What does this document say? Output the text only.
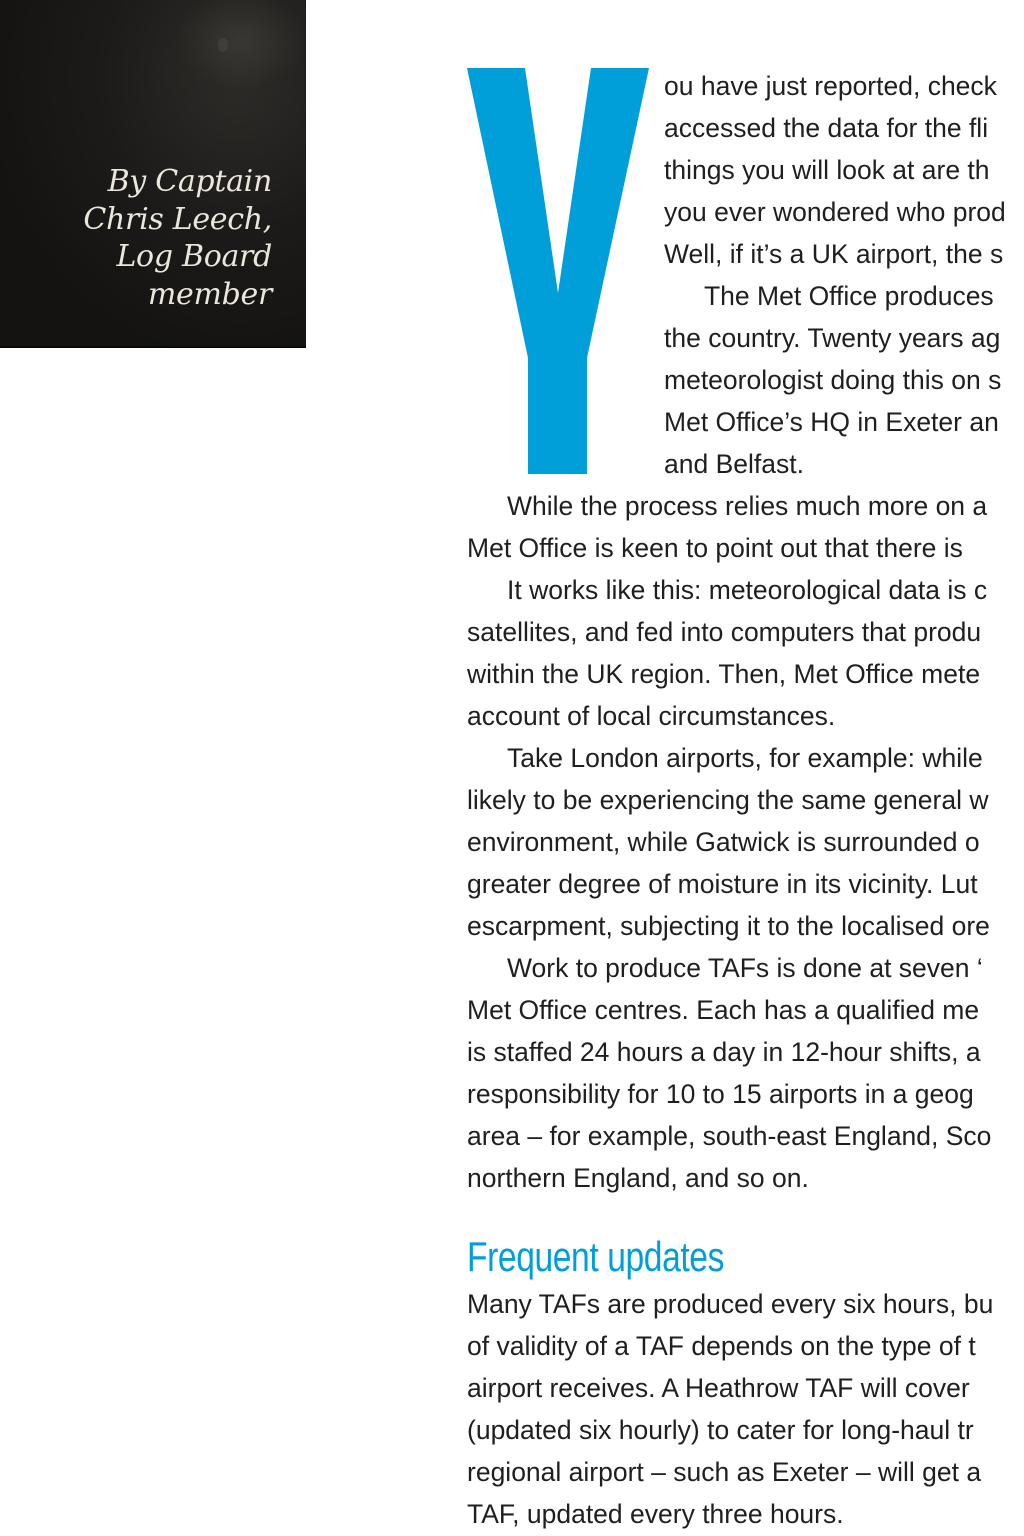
By Captain
Chris Leech,
Log Board
member
ou have just reported, check
accessed the data for the fli
things you will look at are th
you ever wondered who prod
Well, if it’s a UK airport, the s
The Met Office produces
the country. Twenty years ag
meteorologist doing this on s
Met Office’s HQ in Exeter an
and Belfast.
While the process relies much more on a
Met Office is keen to point out that there is
It works like this: meteorological data is c
satellites, and fed into computers that produ
within the UK region. Then, Met Office mete
account of local circumstances.
Take London airports, for example: while
likely to be experiencing the same general w
environment, while Gatwick is surrounded o
greater degree of moisture in its vicinity. Lut
escarpment, subjecting it to the localised ore
Work to produce TAFs is done at seven ‘
Met Office centres. Each has a qualified me
is staffed 24 hours a day in 12-hour shifts, a
responsibility for 10 to 15 airports in a geog
area – for example, south-east England, Sco
northern England, and so on.
Frequent updates
Many TAFs are produced every six hours, bu
of validity of a TAF depends on the type of t
airport receives. A Heathrow TAF will cover
(updated six hourly) to cater for long-haul tr
regional airport – such as Exeter – will get a
TAF, updated every three hours.
